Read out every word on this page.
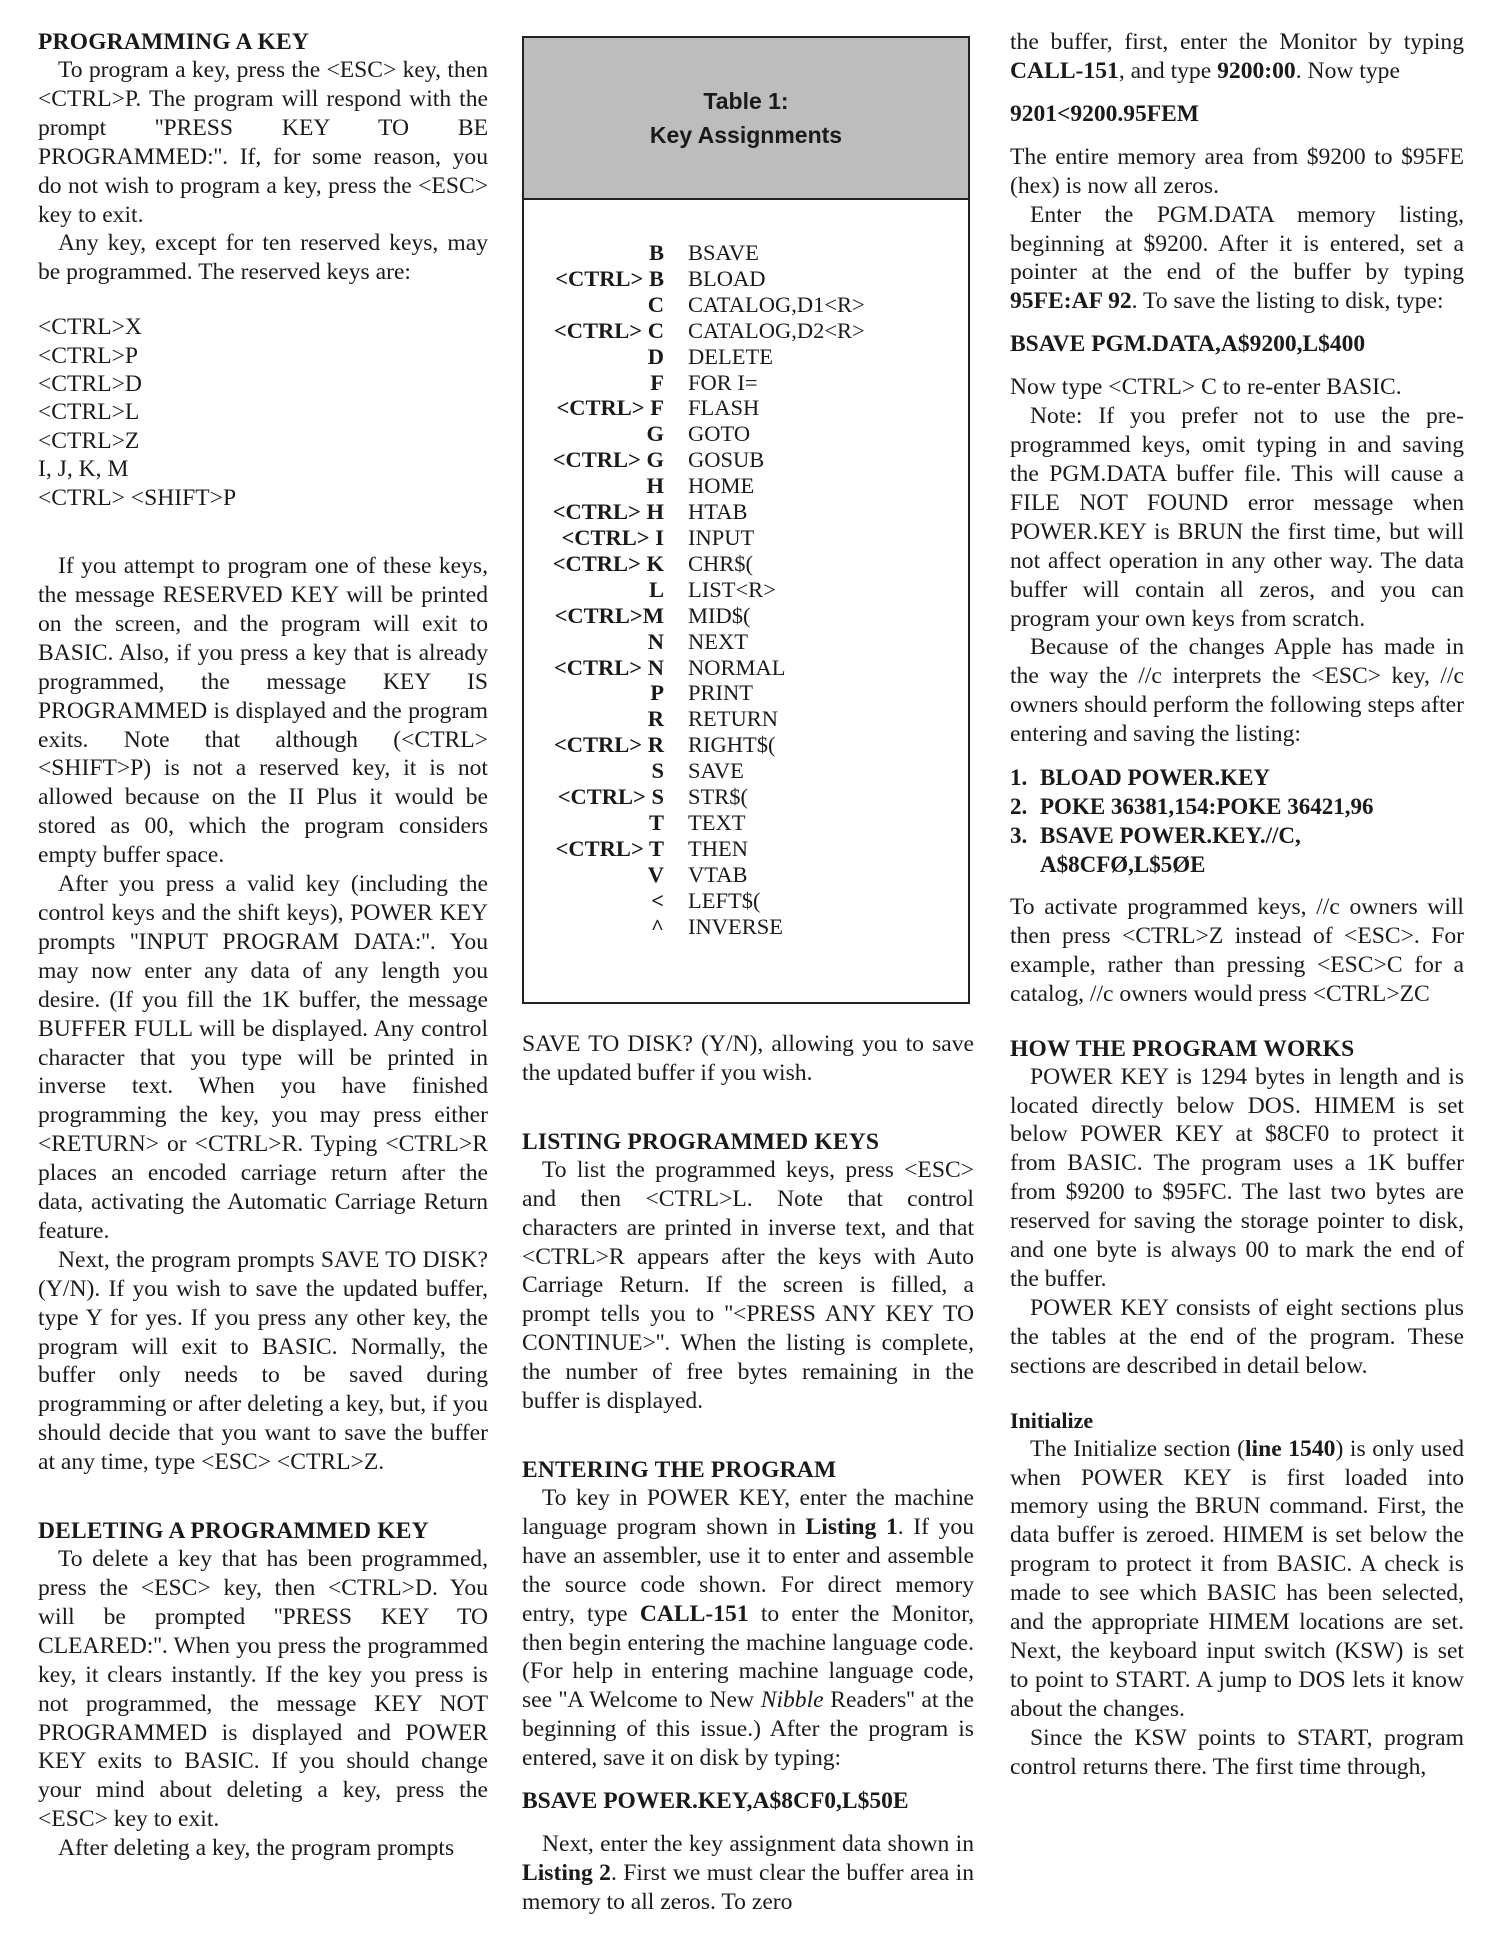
PROGRAMMING A KEY

To program a key, press the <ESC> key, then <CTRL>P. The program will respond with the prompt ''PRESS KEY TO BE PROGRAMMED:''. If, for some reason, you do not wish to program a key, press the <ESC> key to exit.

Any key, except for ten reserved keys, may be programmed. The reserved keys are:

<CTRL>X
<CTRL>P
<CTRL>D
<CTRL>L
<CTRL>Z
I, J, K, M
<CTRL> <SHIFT>P

If you attempt to program one of these keys, the message RESERVED KEY will be printed on the screen, and the program will exit to BASIC. Also, if you press a key that is already programmed, the message KEY IS PROGRAMMED is displayed and the program exits. Note that although (<CTRL> <SHIFT>P) is not a reserved key, it is not allowed because on the II Plus it would be stored as 00, which the program considers empty buffer space.

After you press a valid key (including the control keys and the shift keys), POWER KEY prompts ''INPUT PROGRAM DATA:''. You may now enter any data of any length you desire. (If you fill the 1K buffer, the message BUFFER FULL will be displayed. Any control character that you type will be printed in inverse text. When you have finished programming the key, you may press either <RETURN> or <CTRL>R. Typing <CTRL>R places an encoded carriage return after the data, activating the Automatic Carriage Return feature.

Next, the program prompts SAVE TO DISK? (Y/N). If you wish to save the updated buffer, type Y for yes. If you press any other key, the program will exit to BASIC. Normally, the buffer only needs to be saved during programming or after deleting a key, but, if you should decide that you want to save the buffer at any time, type <ESC> <CTRL>Z.

DELETING A PROGRAMMED KEY

To delete a key that has been programmed, press the <ESC> key, then <CTRL>D. You will be prompted ''PRESS KEY TO CLEARED:''. When you press the programmed key, it clears instantly. If the key you press is not programmed, the message KEY NOT PROGRAMMED is displayed and POWER KEY exits to BASIC. If you should change your mind about deleting a key, press the <ESC> key to exit.

After deleting a key, the program prompts

Table 1:
Key Assignments
B	BSAVE
<CTRL> B	BLOAD
C	CATALOG,D1<R>
<CTRL> C	CATALOG,D2<R>
D	DELETE
F	FOR I=
<CTRL> F	FLASH
G	GOTO
<CTRL> G	GOSUB
H	HOME
<CTRL> H	HTAB
<CTRL> I	INPUT
<CTRL> K	CHR$(
L	LIST<R>
<CTRL>M	MID$(
N	NEXT
<CTRL> N	NORMAL
P	PRINT
R	RETURN
<CTRL> R	RIGHT$(
S	SAVE
<CTRL> S	STR$(
T	TEXT
<CTRL> T	THEN
V	VTAB
<	LEFT$(
^	INVERSE

SAVE TO DISK? (Y/N), allowing you to save the updated buffer if you wish.

LISTING PROGRAMMED KEYS

To list the programmed keys, press <ESC> and then <CTRL>L. Note that control characters are printed in inverse text, and that <CTRL>R appears after the keys with Auto Carriage Return. If the screen is filled, a prompt tells you to ''<PRESS ANY KEY TO CONTINUE>''. When the listing is complete, the number of free bytes remaining in the buffer is displayed.

ENTERING THE PROGRAM

To key in POWER KEY, enter the machine language program shown in Listing 1. If you have an assembler, use it to enter and assemble the source code shown. For direct memory entry, type CALL-151 to enter the Monitor, then begin entering the machine language code. (For help in entering machine language code, see ''A Welcome to New Nibble Readers'' at the beginning of this issue.) After the program is entered, save it on disk by typing:

BSAVE POWER.KEY,A$8CF0,L$50E

Next, enter the key assignment data shown in Listing 2. First we must clear the buffer area in memory to all zeros. To zero

the buffer, first, enter the Monitor by typing CALL-151, and type 9200:00. Now type

9201<9200.95FEM

The entire memory area from $9200 to $95FE (hex) is now all zeros.

Enter the PGM.DATA memory listing, beginning at $9200. After it is entered, set a pointer at the end of the buffer by typing 95FE:AF 92. To save the listing to disk, type:

BSAVE PGM.DATA,A$9200,L$400

Now type <CTRL> C to re-enter BASIC.

Note: If you prefer not to use the pre-programmed keys, omit typing in and saving the PGM.DATA buffer file. This will cause a FILE NOT FOUND error message when POWER.KEY is BRUN the first time, but will not affect operation in any other way. The data buffer will contain all zeros, and you can program your own keys from scratch.

Because of the changes Apple has made in the way the //c interprets the <ESC> key, //c owners should perform the following steps after entering and saving the listing:

1. BLOAD POWER.KEY
2. POKE 36381,154:POKE 36421,96
3. BSAVE POWER.KEY.//C,
A$8CFØ,L$5ØE

To activate programmed keys, //c owners will then press <CTRL>Z instead of <ESC>. For example, rather than pressing <ESC>C for a catalog, //c owners would press <CTRL>ZC

HOW THE PROGRAM WORKS

POWER KEY is 1294 bytes in length and is located directly below DOS. HIMEM is set below POWER KEY at $8CF0 to protect it from BASIC. The program uses a 1K buffer from $9200 to $95FC. The last two bytes are reserved for saving the storage pointer to disk, and one byte is always 00 to mark the end of the buffer.

POWER KEY consists of eight sections plus the tables at the end of the program. These sections are described in detail below.

Initialize

The Initialize section (line 1540) is only used when POWER KEY is first loaded into memory using the BRUN command. First, the data buffer is zeroed. HIMEM is set below the program to protect it from BASIC. A check is made to see which BASIC has been selected, and the appropriate HIMEM locations are set. Next, the keyboard input switch (KSW) is set to point to START. A jump to DOS lets it know about the changes.

Since the KSW points to START, program control returns there. The first time through,
